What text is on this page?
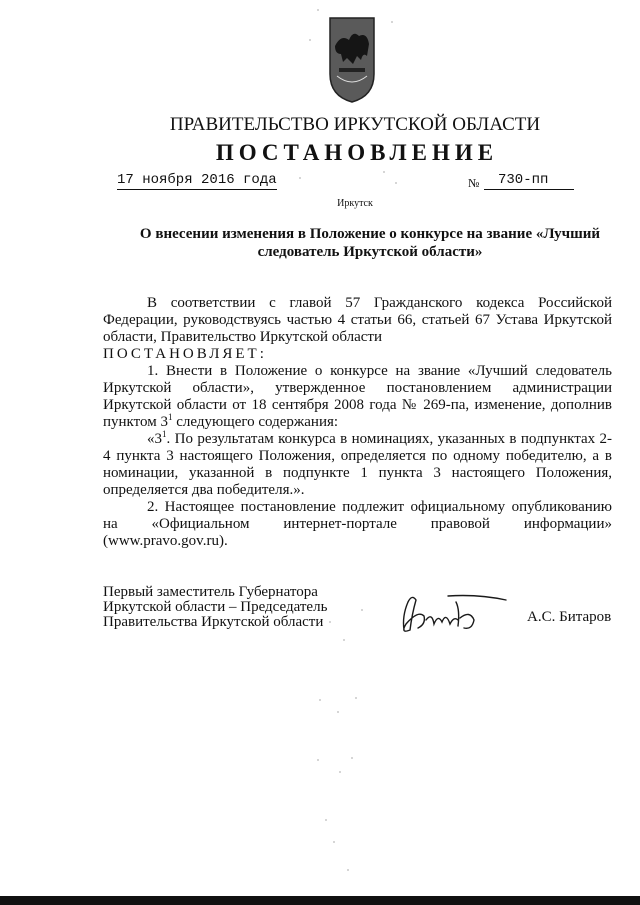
ПРАВИТЕЛЬСТВО ИРКУТСКОЙ ОБЛАСТИ
ПОСТАНОВЛЕНИЕ
17 ноября 2016 года	№	730-пп
Иркутск
О внесении изменения в Положение о конкурсе на звание «Лучший следователь Иркутской области»

В соответствии с главой 57 Гражданского кодекса Российской Федерации, руководствуясь частью 4 статьи 66, статьей 67 Устава Иркутской области, Правительство Иркутской области

ПОСТАНОВЛЯЕТ:

1. Внести в Положение о конкурсе на звание «Лучший следователь Иркутской области», утвержденное постановлением администрации Иркутской области от 18 сентября 2008 года № 269-па, изменение, дополнив пунктом $3^1$ следующего содержания:

«$3^1$. По результатам конкурса в номинациях, указанных в подпунктах 2-4 пункта 3 настоящего Положения, определяется по одному победителю, а в номинации, указанной в подпункте 1 пункта 3 настоящего Положения, определяется два победителя.».

2. Настоящее постановление подлежит официальному опубликованию на «Официальном интернет-портале правовой информации» (www.pravo.gov.ru).

Первый заместитель Губернатора
Иркутской области – Председатель
Правительства Иркутской области	А.С. Битаров
